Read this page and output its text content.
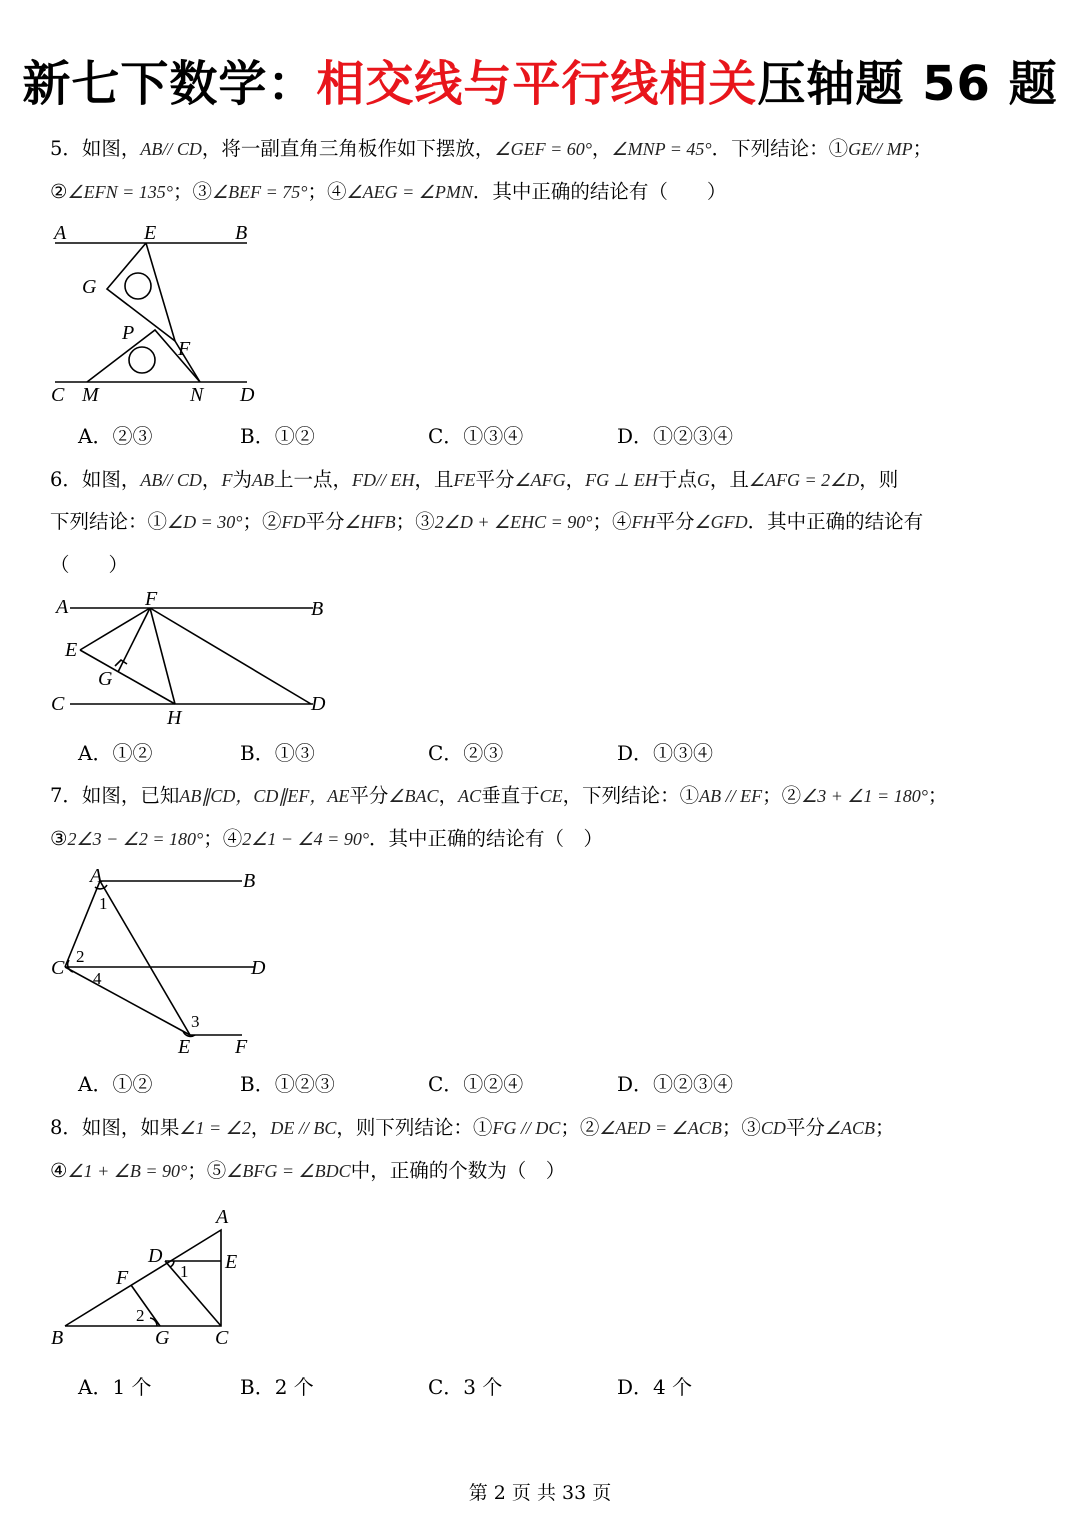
新七下数学：相交线与平行线相关压轴题 56 题
5．如图，AB// CD，将一副直角三角板作如下摆放，∠GEF = 60°，∠MNP = 45°．下列结论：①GE// MP；
②∠EFN = 135°；③∠BEF = 75°；④∠AEG = ∠PMN．其中正确的结论有（　　）
A	E	B
G
P
F
C M	N D
A．②③	B．①②	C．①③④	D．①②③④
6．如图，AB// CD，F为AB上一点，FD// EH，且FE平分∠AFG，FG ⊥ EH于点G，且∠AFG = 2∠D，则
下列结论：①∠D = 30°；②FD平分∠HFB；③2∠D + ∠EHC = 90°；④FH平分∠GFD．其中正确的结论有
（　　）
A	F	B
E
G
C
H
D
A．①②	B．①③	C．②③	D．①③④
7．如图，已知AB∥CD，CD∥EF，AE平分∠BAC，AC垂直于CE，下列结论：①AB // EF；②∠3 + ∠1 = 180°；
③2∠3 − ∠2 = 180°；④2∠1 − ∠4 = 90°．其中正确的结论有（　）
A	B
1
2
C	D
4
3
E F
A．①②	B．①②③	C．①②④	D．①②③④
8．如图，如果∠1 = ∠2，DE // BC，则下列结论：①FG // DC；②∠AED = ∠ACB；③CD平分∠ACB；
④∠1 + ∠B = 90°；⑤∠BFG = ∠BDC中，正确的个数为（　）
A
D	E
1
F
2
B	G C
A．1 个	B．2 个	C．3 个	D．4 个
第 2 页 共 33 页
